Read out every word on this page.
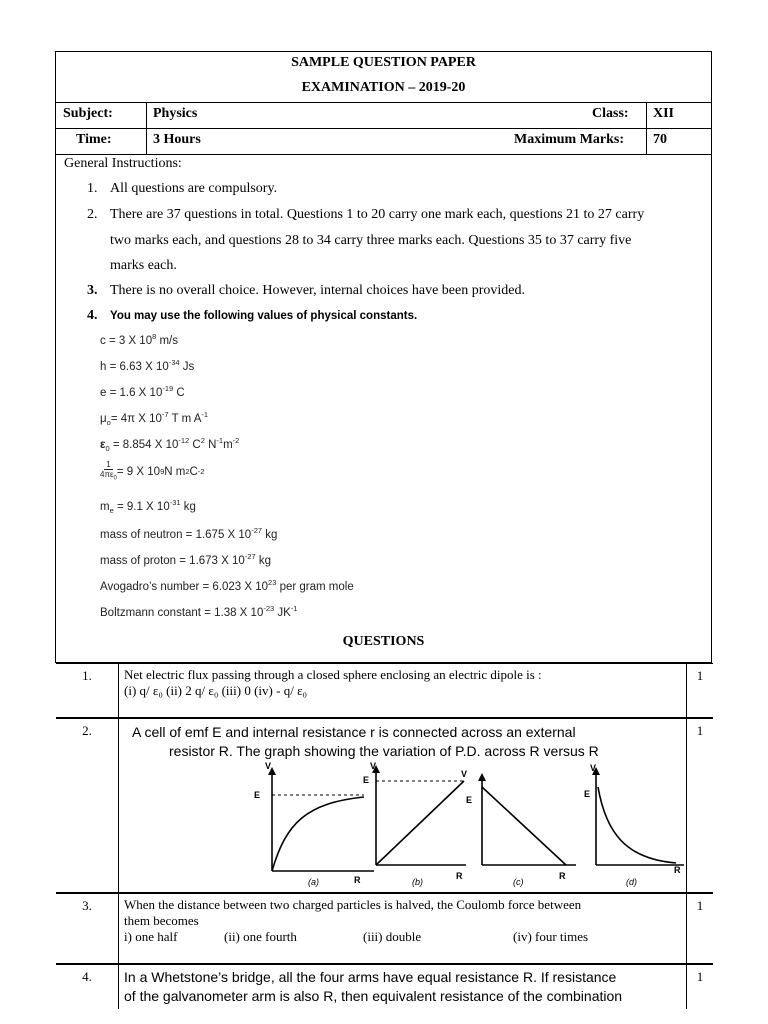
SAMPLE QUESTION PAPER
EXAMINATION – 2019-20
Subject:	Physics	Class: XII
Time:	3 Hours	Maximum Marks: 70
General Instructions:
1. All questions are compulsory.
2. There are 37 questions in total. Questions 1 to 20 carry one mark each, questions 21 to 27 carry
two marks each, and questions 28 to 34 carry three marks each. Questions 35 to 37 carry five
marks each.
3. There is no overall choice. However, internal choices have been provided.
4. You may use the following values of physical constants.
c = 3 X $10^8$ m/s
h = 6.63 X $10^{-34}$ Js
e = 1.6 X $10^{-19}$ C
$\mu_o= 4\pi$ X $10^{-7}$ T m $A^{-1}$
$\varepsilon_0 = 8.854$ X $10^{-12}$ $C^2$ $N^{-1}m^{-2}$
$\frac{1}{4\pi\varepsilon_0} = 9$ X 10 9 N m 2 C -2
$m_e = 9.1$ X $10^{-31}$ kg
mass of neutron = 1.675 X $10^{-27}$ kg
mass of proton = 1.673 X $10^{-27}$ kg
Avogadro’s number = 6.023 X $10^{23}$ per gram mole
Boltzmann constant = 1.38 X $10^{-23}$ $JK^{-1}$
QUESTIONS
1.	Net electric flux passing through a closed sphere enclosing an electric dipole is :
(i) q/ ε₀ (ii) 2 q/ ε₀ (iii) 0 (iv) - q/ ε₀
1
2.	A cell of emf E and internal resistance r is connected across an external
resistor R. The graph showing the variation of P.D. across R versus R
1
V
E
R
(a)
V
E
R
(b)
V
E
R
(c)
V
E
R
(d)
3.	When the distance between two charged particles is halved, the Coulomb force between
them becomes
i) one half	(ii) one fourth	(iii) double	(iv) four times
1
4.	In a Whetstone’s bridge, all the four arms have equal resistance R. If resistance
of the galvanometer arm is also R, then equivalent resistance of the combination
1
